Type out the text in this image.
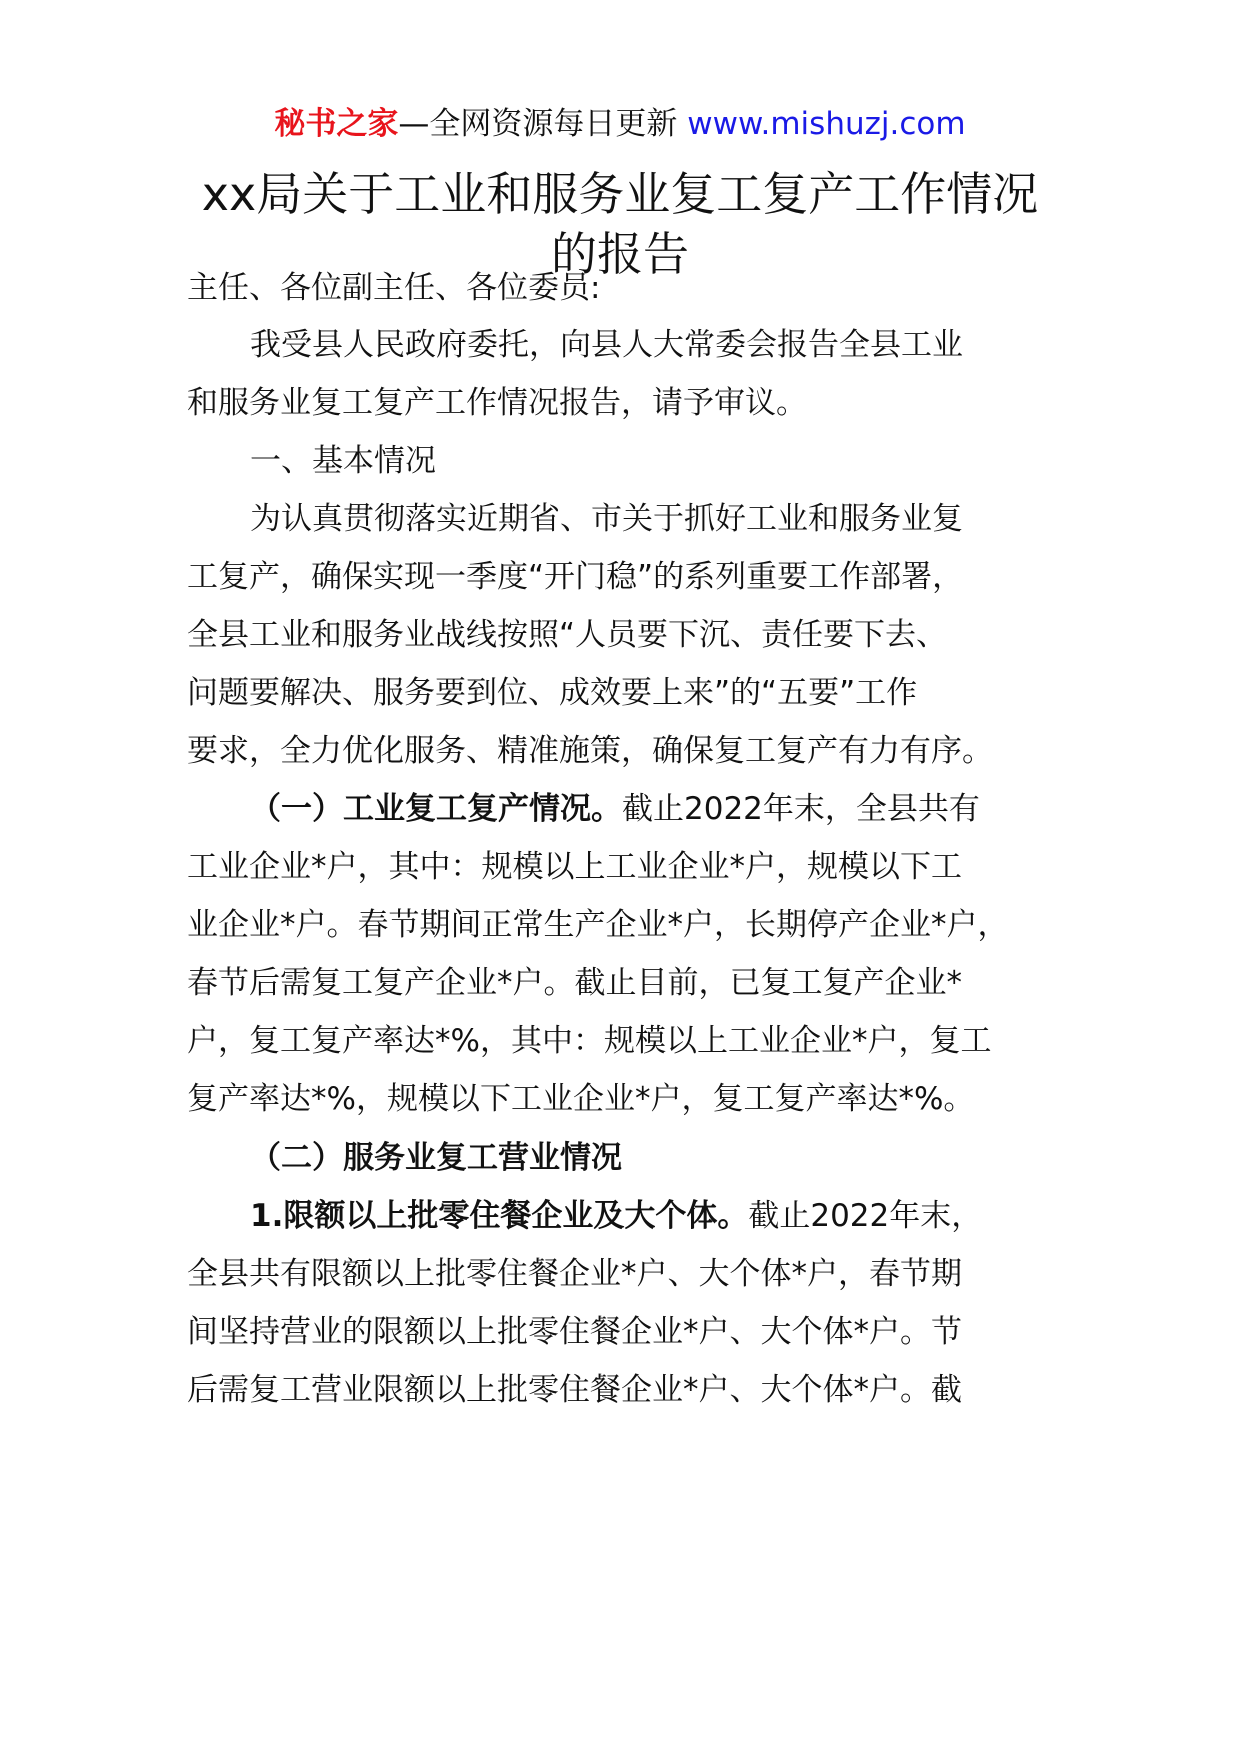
秘书之家—全网资源每日更新 www.mishuzj.com
xx局关于工业和服务业复工复产工作情况
的报告
主任、各位副主任、各位委员:
我受县人民政府委托，向县人大常委会报告全县工业
和服务业复工复产工作情况报告，请予审议。
一、基本情况
为认真贯彻落实近期省、市关于抓好工业和服务业复
工复产，确保实现一季度“开门稳”的系列重要工作部署，
全县工业和服务业战线按照“人员要下沉、责任要下去、
问题要解决、服务要到位、成效要上来”的“五要”工作
要求，全力优化服务、精准施策，确保复工复产有力有序。
（一）工业复工复产情况。截止2022年末，全县共有
工业企业*户，其中：规模以上工业企业*户，规模以下工
业企业*户。春节期间正常生产企业*户，长期停产企业*户，
春节后需复工复产企业*户。截止目前，已复工复产企业*
户，复工复产率达*%，其中：规模以上工业企业*户，复工
复产率达*%，规模以下工业企业*户，复工复产率达*%。
（二）服务业复工营业情况
1.限额以上批零住餐企业及大个体。截止2022年末，
全县共有限额以上批零住餐企业*户、大个体*户，春节期
间坚持营业的限额以上批零住餐企业*户、大个体*户。节
后需复工营业限额以上批零住餐企业*户、大个体*户。截
